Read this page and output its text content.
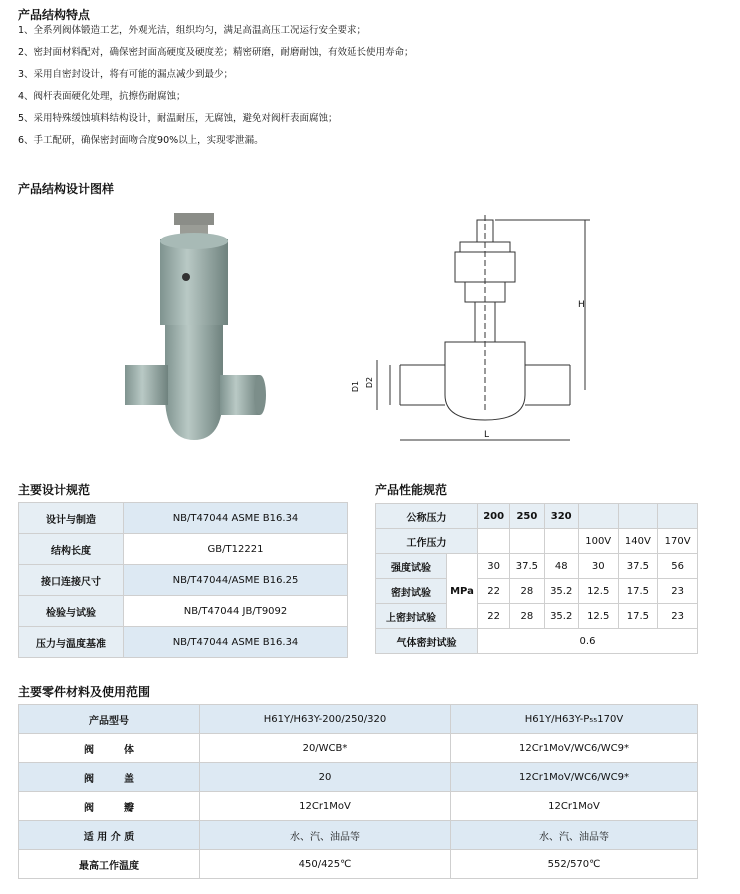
产品结构特点
1、全系列阀体锻造工艺，外观光洁，组织均匀，满足高温高压工况运行安全要求；
2、密封面材料配对，确保密封面高硬度及硬度差；精密研磨，耐磨耐蚀，有效延长使用寿命；
3、采用自密封设计，将有可能的漏点减少到最少；
4、阀杆表面硬化处理，抗擦伤耐腐蚀；
5、采用特殊缓蚀填料结构设计，耐温耐压，无腐蚀，避免对阀杆表面腐蚀；
6、手工配研，确保密封面吻合度90%以上，实现零泄漏。
产品结构设计图样
H
D1 D2
L
主要设计规范
设计与制造	NB/T47044 ASME B16.34
结构长度	GB/T12221
接口连接尺寸	NB/T47044/ASME B16.25
检验与试验	NB/T47044 JB/T9092
压力与温度基准	NB/T47044 ASME B16.34
产品性能规范
公称压力		200	250	320			
工作压力					100V	140V	170V
强度试验	MPa	30	37.5	48	30	37.5	56
密封试验		22	28	35.2	12.5	17.5	23
上密封试验		22	28	35.2	12.5	17.5	23
气体密封试验		0.6					
主要零件材料及使用范围
产品型号	H61Y/H63Y-200/250/320	H61Y/H63Y-P₅₅170V
阀　　　体	20/WCB*	12Cr1MoV/WC6/WC9*
阀　　　盖	20	12Cr1MoV/WC6/WC9*
阀　　　瓣	12Cr1MoV	12Cr1MoV
适 用 介 质	水、汽、油品等	水、汽、油品等
最高工作温度	450/425℃	552/570℃
